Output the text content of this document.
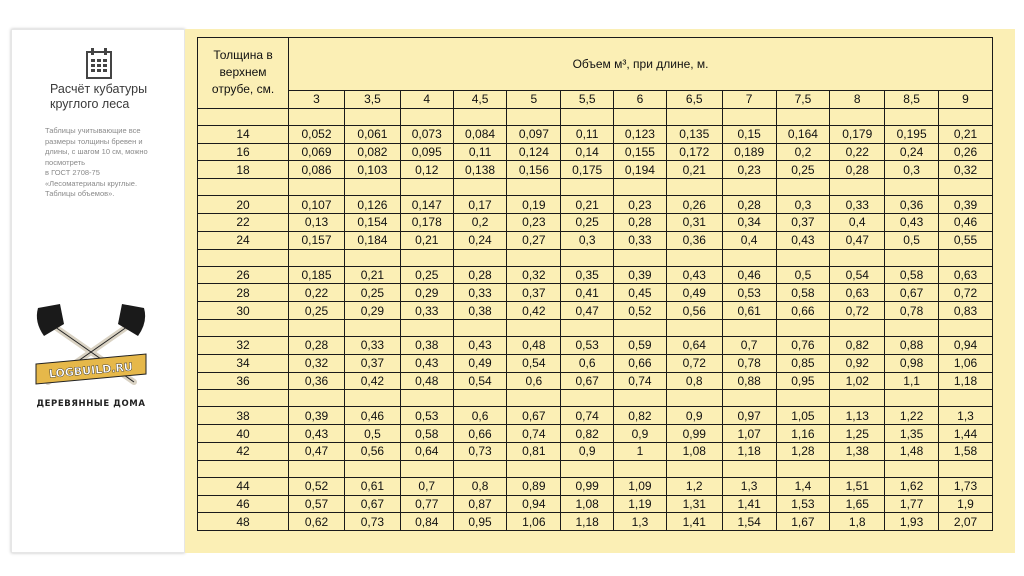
Расчёт кубатуры круглого леса
Таблицы учитывающие все
размеры толщины бревен и
длины, с шагом 10 см, можно
посмотреть
в ГОСТ 2708-75
«Лесоматериалы круглые.
Таблицы объемов».
LOGBUILD.RU
ДЕРЕВЯННЫЕ ДОМА
Толщина в верхнем отрубе, см.	Объем м³, при длине, м.												
	3	3,5	4	4,5	5	5,5	6	6,5	7	7,5	8	8,5	9

14	0,052	0,061	0,073	0,084	0,097	0,11	0,123	0,135	0,15	0,164	0,179	0,195	0,21
16	0,069	0,082	0,095	0,11	0,124	0,14	0,155	0,172	0,189	0,2	0,22	0,24	0,26
18	0,086	0,103	0,12	0,138	0,156	0,175	0,194	0,21	0,23	0,25	0,28	0,3	0,32

20	0,107	0,126	0,147	0,17	0,19	0,21	0,23	0,26	0,28	0,3	0,33	0,36	0,39
22	0,13	0,154	0,178	0,2	0,23	0,25	0,28	0,31	0,34	0,37	0,4	0,43	0,46
24	0,157	0,184	0,21	0,24	0,27	0,3	0,33	0,36	0,4	0,43	0,47	0,5	0,55

26	0,185	0,21	0,25	0,28	0,32	0,35	0,39	0,43	0,46	0,5	0,54	0,58	0,63
28	0,22	0,25	0,29	0,33	0,37	0,41	0,45	0,49	0,53	0,58	0,63	0,67	0,72
30	0,25	0,29	0,33	0,38	0,42	0,47	0,52	0,56	0,61	0,66	0,72	0,78	0,83

32	0,28	0,33	0,38	0,43	0,48	0,53	0,59	0,64	0,7	0,76	0,82	0,88	0,94
34	0,32	0,37	0,43	0,49	0,54	0,6	0,66	0,72	0,78	0,85	0,92	0,98	1,06
36	0,36	0,42	0,48	0,54	0,6	0,67	0,74	0,8	0,88	0,95	1,02	1,1	1,18

38	0,39	0,46	0,53	0,6	0,67	0,74	0,82	0,9	0,97	1,05	1,13	1,22	1,3
40	0,43	0,5	0,58	0,66	0,74	0,82	0,9	0,99	1,07	1,16	1,25	1,35	1,44
42	0,47	0,56	0,64	0,73	0,81	0,9	1	1,08	1,18	1,28	1,38	1,48	1,58

44	0,52	0,61	0,7	0,8	0,89	0,99	1,09	1,2	1,3	1,4	1,51	1,62	1,73
46	0,57	0,67	0,77	0,87	0,94	1,08	1,19	1,31	1,41	1,53	1,65	1,77	1,9
48	0,62	0,73	0,84	0,95	1,06	1,18	1,3	1,41	1,54	1,67	1,8	1,93	2,07
